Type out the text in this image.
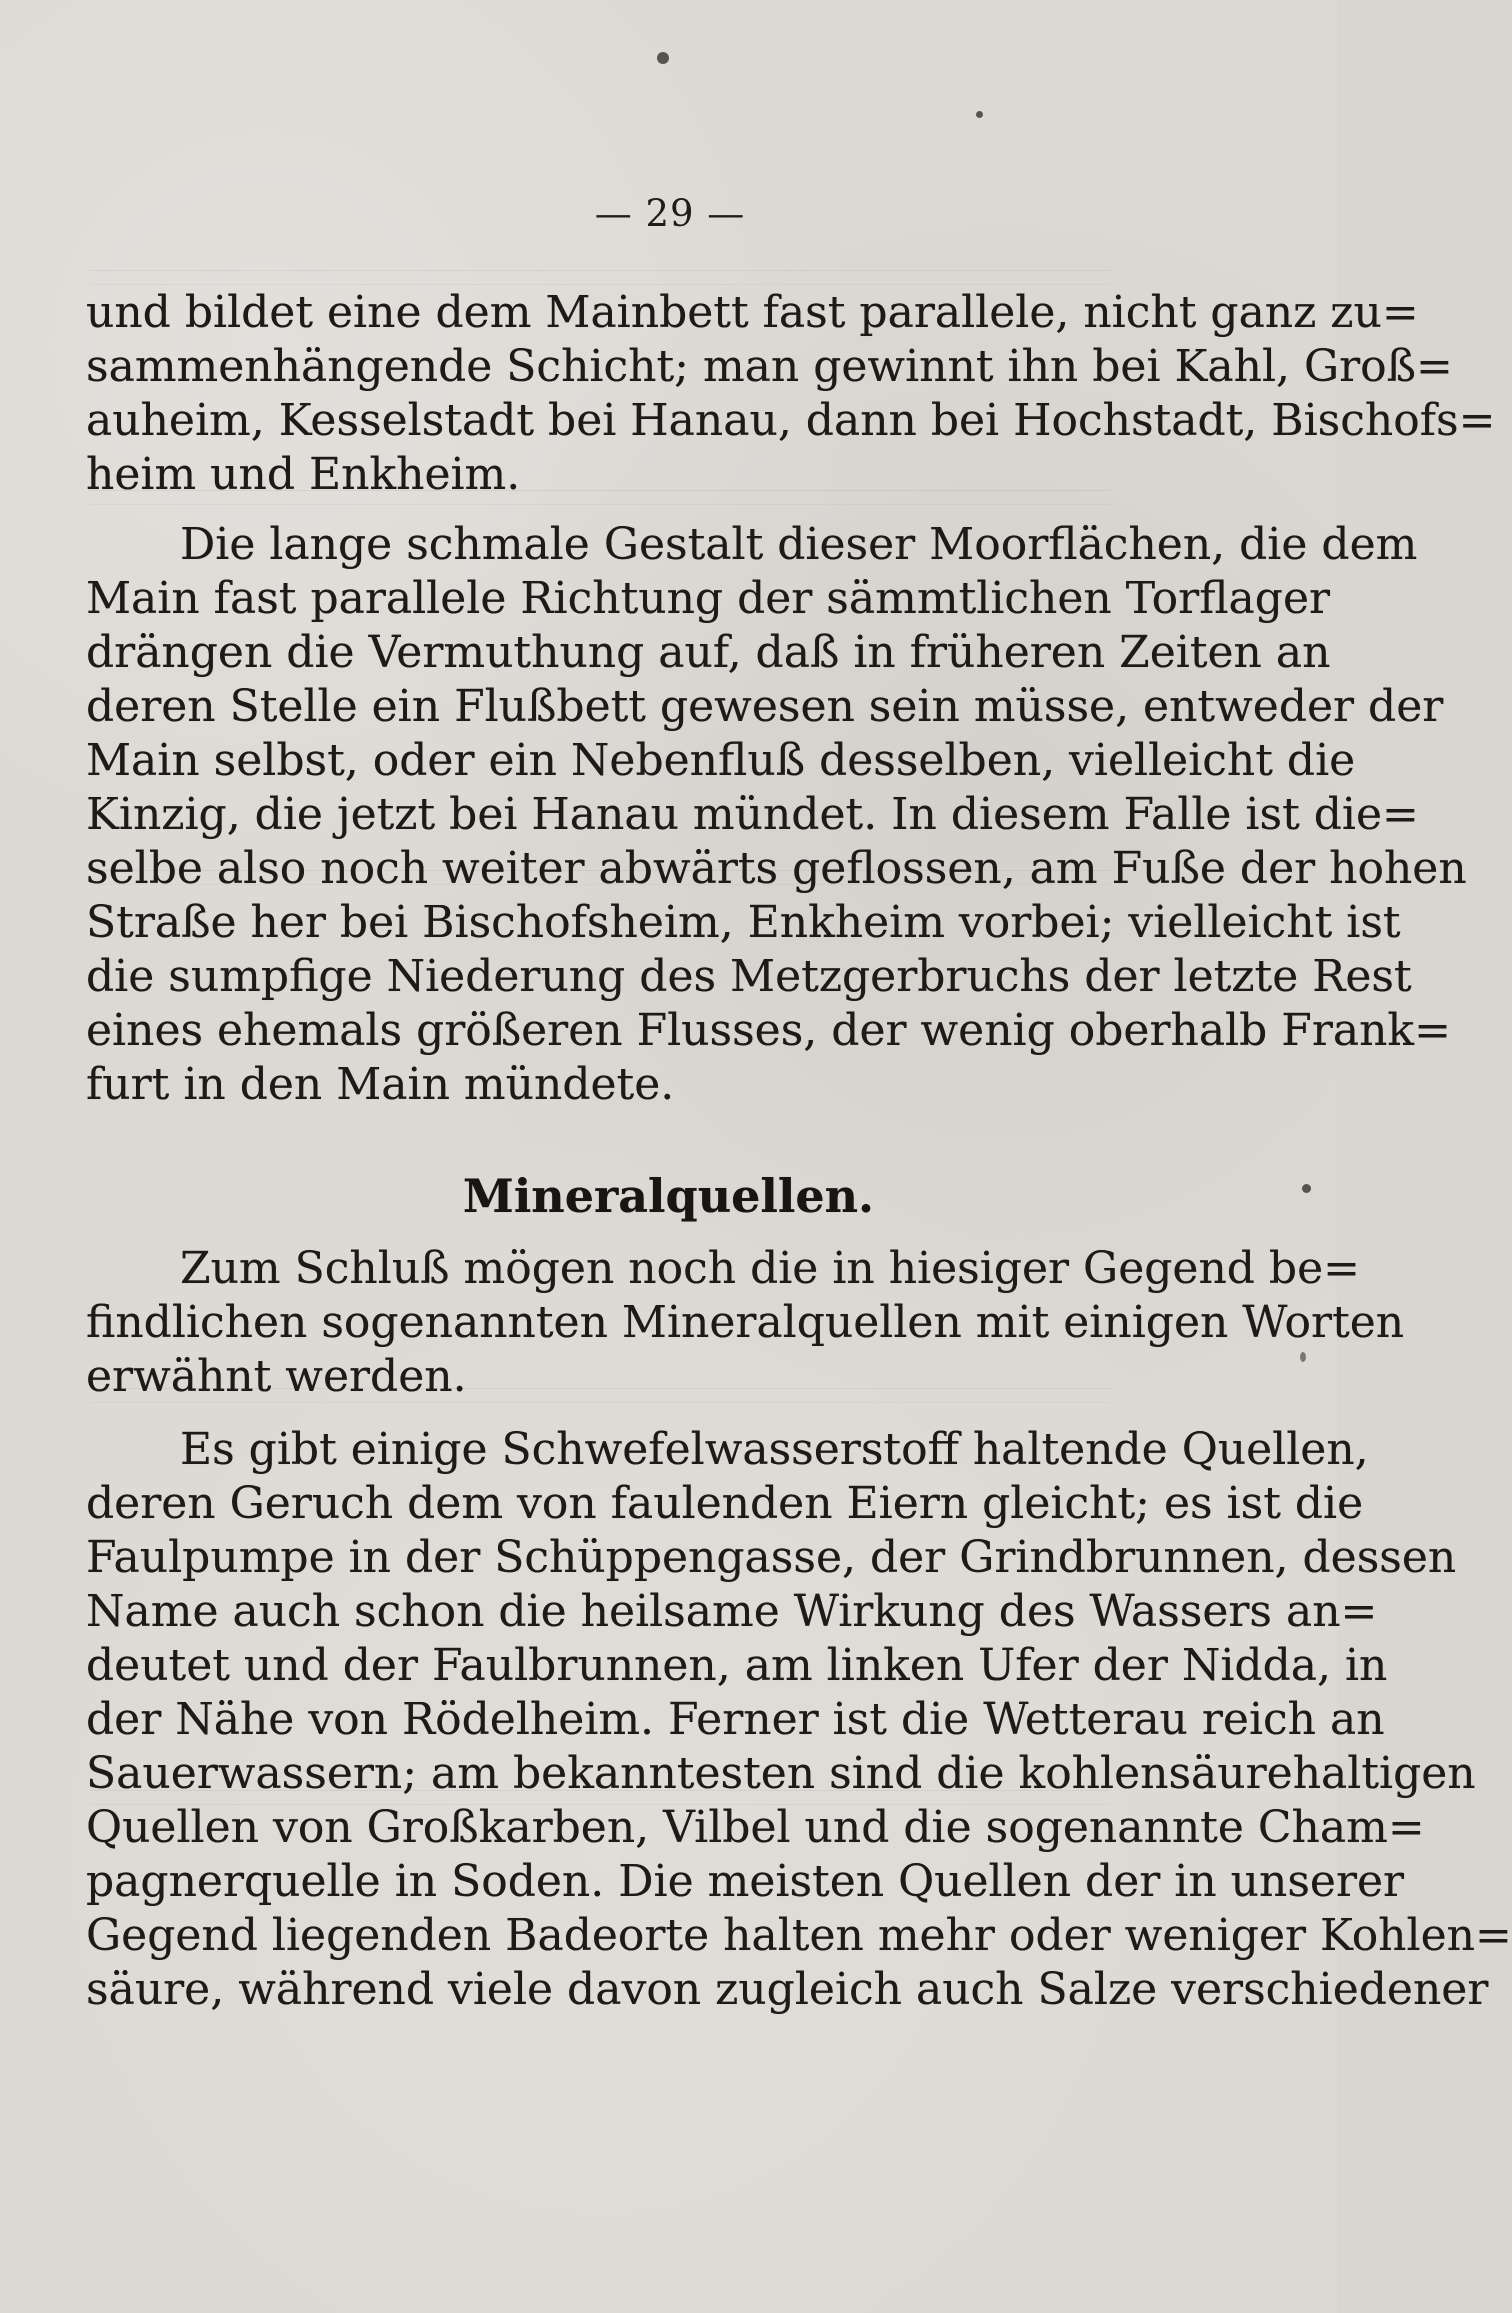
— 29 —
und bildet eine dem Mainbett fast parallele, nicht ganz zu=
sammenhängende Schicht; man gewinnt ihn bei Kahl, Groß=
auheim, Kesselstadt bei Hanau, dann bei Hochstadt, Bischofs=
heim und Enkheim.
Die lange schmale Gestalt dieser Moorflächen, die dem
Main fast parallele Richtung der sämmtlichen Torflager
drängen die Vermuthung auf, daß in früheren Zeiten an
deren Stelle ein Flußbett gewesen sein müsse, entweder der
Main selbst, oder ein Nebenfluß desselben, vielleicht die
Kinzig, die jetzt bei Hanau mündet. In diesem Falle ist die=
selbe also noch weiter abwärts geflossen, am Fuße der hohen
Straße her bei Bischofsheim, Enkheim vorbei; vielleicht ist
die sumpfige Niederung des Metzgerbruchs der letzte Rest
eines ehemals größeren Flusses, der wenig oberhalb Frank=
furt in den Main mündete.
Mineralquellen.
Zum Schluß mögen noch die in hiesiger Gegend be=
findlichen sogenannten Mineralquellen mit einigen Worten
erwähnt werden.
Es gibt einige Schwefelwasserstoff haltende Quellen,
deren Geruch dem von faulenden Eiern gleicht; es ist die
Faulpumpe in der Schüppengasse, der Grindbrunnen, dessen
Name auch schon die heilsame Wirkung des Wassers an=
deutet und der Faulbrunnen, am linken Ufer der Nidda, in
der Nähe von Rödelheim. Ferner ist die Wetterau reich an
Sauerwassern; am bekanntesten sind die kohlensäurehaltigen
Quellen von Großkarben, Vilbel und die sogenannte Cham=
pagnerquelle in Soden. Die meisten Quellen der in unserer
Gegend liegenden Badeorte halten mehr oder weniger Kohlen=
säure, während viele davon zugleich auch Salze verschiedener
